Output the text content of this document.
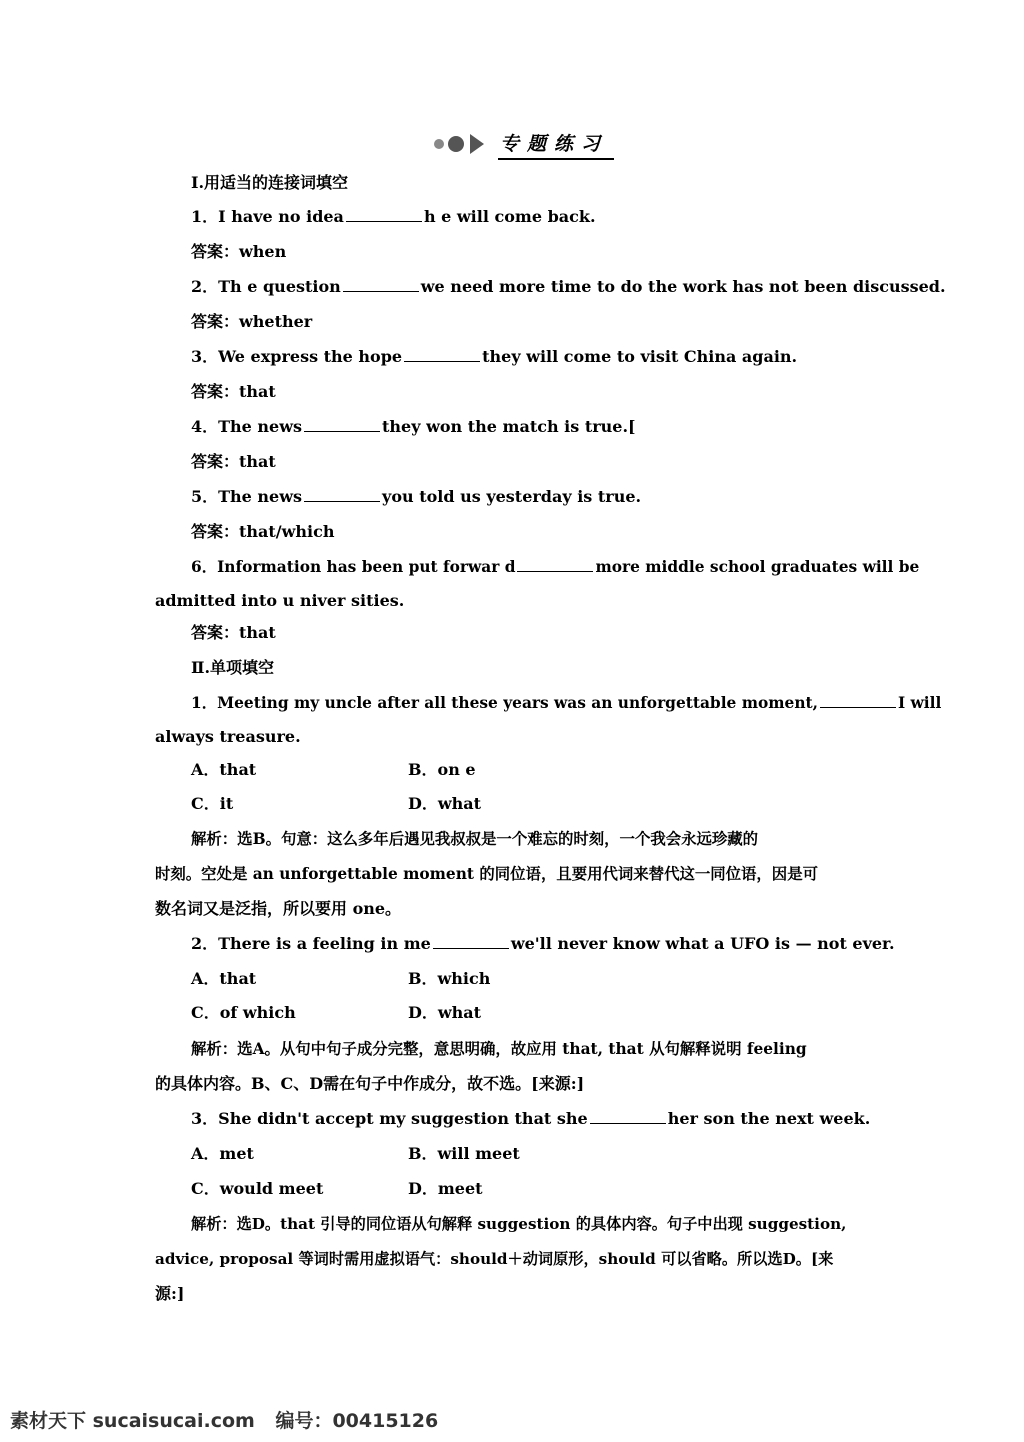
专题练习
Ⅰ.用适当的连接词填空
1．I have no idea	h e will come back.
答案：when
2．Th e question	we need more time to do the work has not been discussed.
答案：whether
3．We express the hope	they will come to visit China again.
答案：that
4．The news	they won the match is true.[
答案：that
5．The news	you told us yesterday is true.
答案：that/which
6．Information has been put forwar d	more middle school graduates will be
admitted into u niver sities.
答案：that
Ⅱ.单项填空
1．Meeting my uncle after all these years was an unforgettable moment,	I will
always treasure.
A．that	B．on e
C．it	D．what
解析：选B。句意：这么多年后遇见我叔叔是一个难忘的时刻，一个我会永远珍藏的
时刻。空处是 an unforgettable moment 的同位语，且要用代词来替代这一同位语，因是可
数名词又是泛指，所以要用 one。
2．There is a feeling in me	we'll never know what a UFO is — not ever.
A．that	B．which
C．of which	D．what
解析：选A。从句中句子成分完整，意思明确，故应用 that, that 从句解释说明 feeling
的具体内容。B、C、D需在句子中作成分，故不选。[来源:]
3．She didn't accept my suggestion that she	her son the next week.
A．met	B．will meet
C．would meet	D．meet
解析：选D。that 引导的同位语从句解释 suggestion 的具体内容。句子中出现 suggestion,
advice, proposal 等词时需用虚拟语气：should＋动词原形，should 可以省略。所以选D。[来
源:]
素材天下 sucaisucai.com 编号：00415126
